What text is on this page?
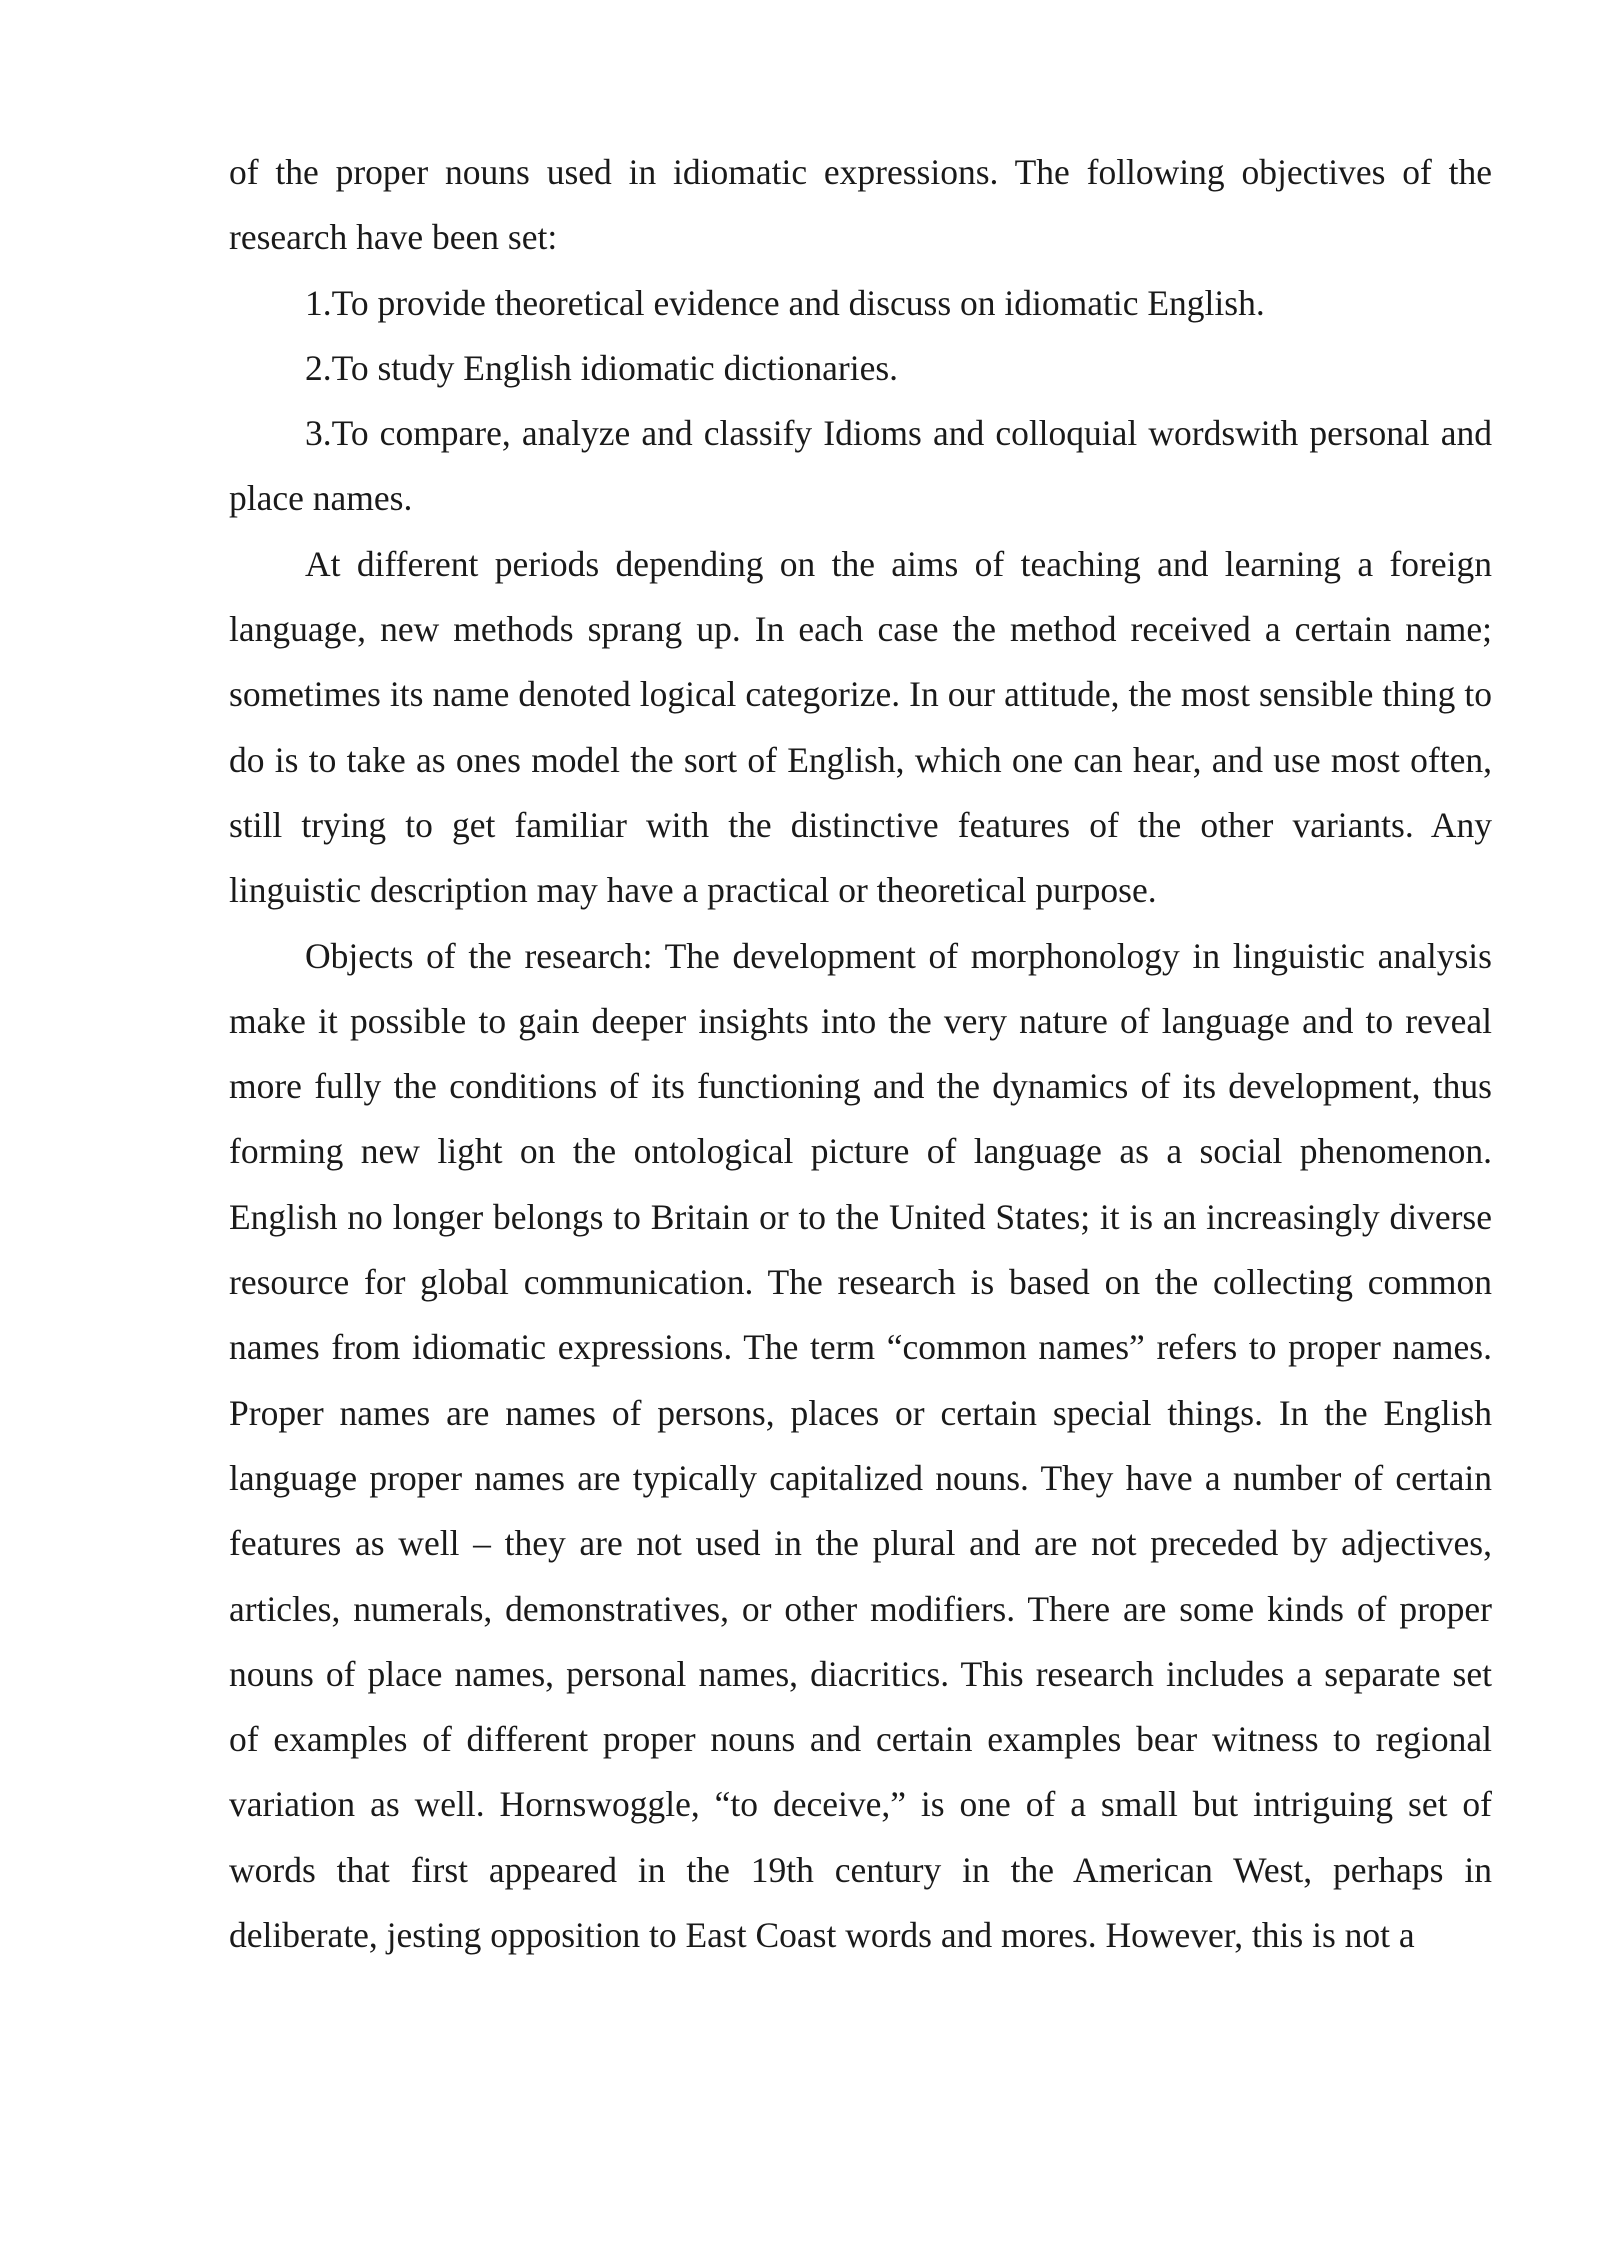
of the proper nouns used in idiomatic expressions. The following objectives of the research have been set:

1.To provide theoretical evidence and discuss on idiomatic English.

2.To study English idiomatic dictionaries.

3.To compare, analyze and classify Idioms and colloquial wordswith personal and place names.

At different periods depending on the aims of teaching and learning a foreign language, new methods sprang up. In each case the method received a certain name; sometimes its name denoted logical categorize. In our attitude, the most sensible thing to do is to take as ones model the sort of English, which one can hear, and use most often, still trying to get familiar with the distinctive features of the other variants. Any linguistic description may have a practical or theoretical purpose.

Objects of the research: The development of morphonology in linguistic analysis make it possible to gain deeper insights into the very nature of language and to reveal more fully the conditions of its functioning and the dynamics of its development, thus forming new light on the ontological picture of language as a social phenomenon. English no longer belongs to Britain or to the United States; it is an increasingly diverse resource for global communication. The research is based on the collecting common names from idiomatic expressions. The term “common names” refers to proper names. Proper names are names of persons, places or certain special things. In the English language proper names are typically capitalized nouns. They have a number of certain features as well – they are not used in the plural and are not preceded by adjectives, articles, numerals, demonstratives, or other modifiers. There are some kinds of proper nouns of place names, personal names, diacritics. This research includes a separate set of examples of different proper nouns and certain examples bear witness to regional variation as well. Hornswoggle, “to deceive,” is one of a small but intriguing set of words that first appeared in the 19th century in the American West, perhaps in deliberate, jesting opposition to East Coast words and mores. However, this is not a
